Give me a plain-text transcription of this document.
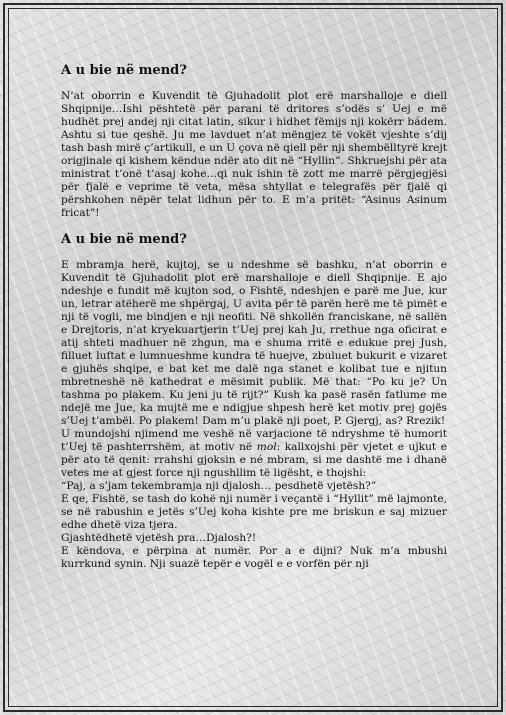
A u bie në mend?

N’at oborrin e Kuvendit të Gjuhadolit plot erë marshalloje e diell Shqipnije…Ishi pështetë për parani të dritores s’odës s’ Uej e më hudhët prej andej nji citat latin, sikur i hidhet fëmijs nji kokërr bádem. Ashtu si tue qeshë. Ju me lavduet n’at mëngjez të vokët vjeshte s’dij tash bash mirë ç’artikull, e un U çova në qiell për nji shembëlltyrë krejt origjinale qi kishem këndue ndër ato dit në “Hyllin”. Shkruejshi për ata ministrat t’onë t’asaj kohe…qi nuk ishin të zott me marrë përgjegjësi për fjalë e veprime të veta, mësa shtyllat e telegrafës për fjalë qi përshkohen nëpër telat lidhun për to. E m’a pritët: “Asinus Asinum fricat”!

A u bie në mend?

E mbramja herë, kujtoj, se u ndeshme së bashku, n’at oborrin e Kuvendit të Gjuhadolit plot erë marshalloje e diell Shqipnije. E ajo ndeshje e fundit më kujton sod, o Fishtë, ndeshjen e parë me Jue, kur un, letrar atëherë me shpërgaj, U avita për të parën herë me të pimët e nji të vogli, me bindjen e nji neofiti. Në shkollën franciskane, në sallën e Drejtoris, n’at kryekuartjerin t’Uej prej kah Ju, rrethue nga oficirat e atij shteti madhuer në zhgun, ma e shuma rritë e edukue prej Jush, filluet luftat e lumnueshme kundra të huejve, zbuluet bukurit e vizaret e gjuhës shqipe, e bat ket me dalë nga stanet e kolibat tue e njitun mbretneshë në kathedrat e mësimit publik. Më that: “Po ku je? Un tashma po plakem. Ku jeni ju të rijt?” Kush ka pasë rasën fatlume me ndejë me Jue, ka mujtë me e ndigjue shpesh herë ket motiv prej gojës s’Uej t’ambël. Po plakem! Dam m’u plakë nji poet, P. Gjergj, as? Rrezik!

U mundojshi njimend me veshë në varjacione të ndryshme të humorit t’Uej të pashterrshëm, at motiv në mol: kallxojshi për vjetet e ujkut e për ato të qenit: rrahshi gjoksin e né mbram, si me dashtë me i dhanë vetes me at gjest force nji ngushllim të ligësht, e thojshi:

“Paj, a s’jam tekembramja nji djalosh… pesdhetë vjetësh?”

E qe, Fishtë, se tash do kohë nji numër i veçantë i “Hyllit” më lajmonte, se në rabushin e jetës s’Uej koha kishte pre me briskun e saj mizuer edhe dhetë viza tjera.

Gjashtëdhetë vjetësh pra…Djalosh?!

E këndova, e përpina at numër. Por a e dijni? Nuk m’a mbushi kurrkund synin. Nji suazë tepër e vogël e e vorfën për nji
